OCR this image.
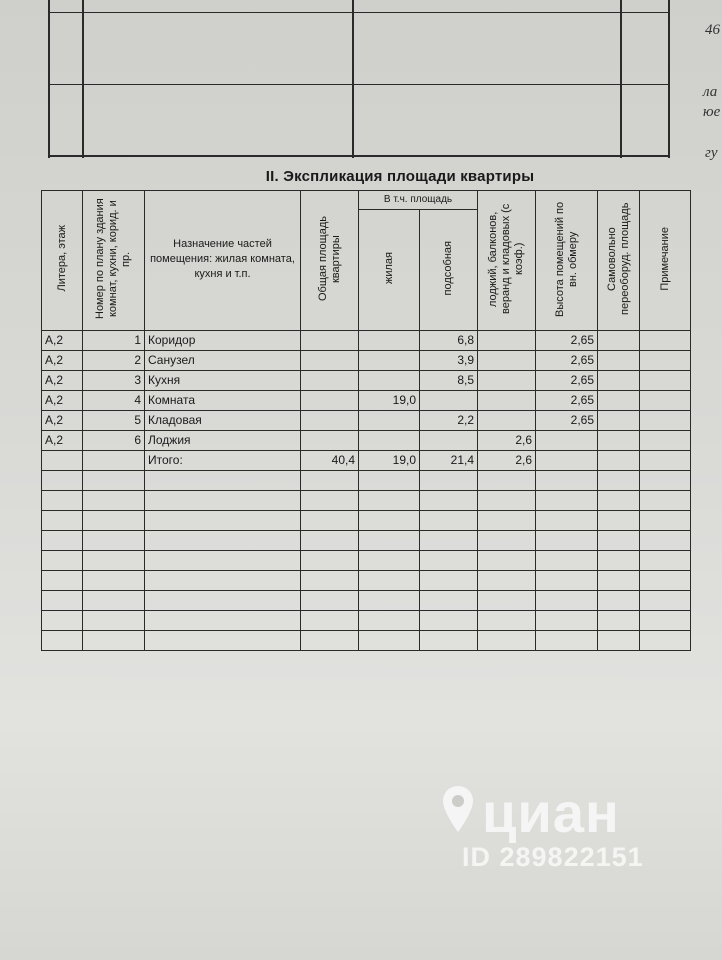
46
ла
юе
гу
II. Экспликация площади квартиры
Литера, этаж	Номер по плану здания комнат, кухни, корид. и пр.	Назначение частей помещения: жилая комната, кухня и т.п.	Общая площадь квартиры	В т.ч. площадь		лоджий, балконов, веранд и кладовых (с коэф.)	Высота помещений по вн. обмеру	Самовольно переоборуд. площадь	Примечание
				жилая	подсобная				
А,2	1	Коридор			6,8		2,65		
А,2	2	Санузел			3,9		2,65		
А,2	3	Кухня			8,5		2,65		
А,2	4	Комната		19,0			2,65		
А,2	5	Кладовая			2,2		2,65		
А,2	6	Лоджия				2,6			
		Итого:	40,4	19,0	21,4	2,6			

циан
ID 289822151
